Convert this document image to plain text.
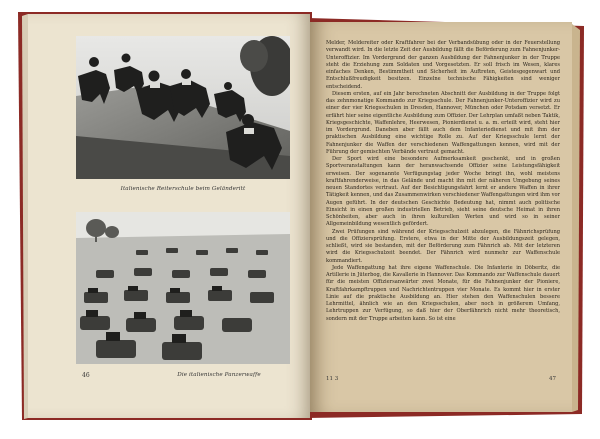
Italienische Reiterschule beim Geländeritt
Die italienische Panzerwaffe
46

Melder, Meldereiter oder Kraftfahrer bei der Verbandsübung oder in der Feuerstellung verwandt wird. In die letzte Zeit der Ausbildung fällt die Beförderung zum Fahnenjunker-Unteroffizier. Im Vordergrund der ganzen Ausbildung der Fahnenjunker in der Truppe steht die Erziehung zum Soldaten und Vorgesetzten. Er soll frisch im Wesen, klares einfaches Denken, Bestimmtheit und Sicherheit im Auftreten, Geistesgegenwart und Entschlußfreudigkeit besitzen. Einzelne technische Fähigkeiten sind weniger entscheidend.

Diesem ersten, auf ein Jahr berechneten Abschnitt der Ausbildung in der Truppe folgt das zehnmonatige Kommando zur Kriegsschule. Der Fahnenjunker-Unteroffizier wird zu einer der vier Kriegsschulen in Dresden, Hannover, München oder Potsdam versetzt. Er erfährt hier seine eigentliche Ausbildung zum Offizier. Der Lehrplan umfaßt neben Taktik, Kriegsgeschichte, Waffenlehre, Heerwesen, Pionierdienst u. a. m. erteilt wird, steht hier im Vordergrund. Daneben aber fällt auch dem Infanteriedienst und mit ihm der praktischen Ausbildung eine wichtige Rolle zu. Auf der Kriegsschule lernt der Fahnenjunker die Waffen der verschiedenen Waffengattungen kennen, wird mit der Führung der gemischten Verbände vertraut gemacht.

Der Sport wird eine besondere Aufmerksamkeit geschenkt, und in großen Sportveranstaltungen kann der heranwachsende Offizier seine Leistungsfähigkeit erweisen. Der sogenannte Verfügungstag jeder Woche bringt ihn, wohl meistens kraftfahrenderweise, in das Gelände und macht ihn mit der näheren Umgebung seines neuen Standortes vertraut. Auf der Besichtigungsfahrt lernt er andere Waffen in ihrer Tätigkeit kennen, und das Zusammenwirken verschiedener Waffengattungen wird ihm vor Augen geführt. In der deutschen Geschichte Bedeutung hat, nimmt auch politische Einsicht in einen großen industriellen Betrieb, sieht seine deutsche Heimat in ihren Schönheiten, aber auch in ihren kulturellen Werten und wird so in seiner Allgemeinbildung wesentlich gefördert.

Zwei Prüfungen sind während der Kriegsschulzeit abzulegen, die Fähnrichsprüfung und die Offiziersprüfung. Erstere, etwa in der Mitte der Ausbildungszeit gelegen, schließt, wird sie bestanden, mit der Beförderung zum Fähnrich ab. Mit der letzteren wird die Kriegsschulzeit beendet. Der Fähnrich wird nunmehr zur Waffenschule kommandiert.

Jede Waffengattung hat ihre eigene Waffenschule. Die Infanterie in Döberitz, die Artillerie in Jüterbog, die Kavallerie in Hannover. Das Kommando zur Waffenschule dauert für die meisten Offiziersanwärter zwei Monate, für die Fahnenjunker der Pioniere, Kraftfahrkampftruppen und Nachrichtentruppen vier Monate. Es kommt hier in erster Linie auf die praktische Ausbildung an. Hier stehen den Waffenschulen bessere Lehrmittel, ähnlich wie an den Kriegsschulen, aber noch in größerem Umfang, Lehrtruppen zur Verfügung, so daß hier der Oberfähnrich nicht mehr theoretisch, sondern mit der Truppe arbeiten kann. So ist eine

11 3	47
